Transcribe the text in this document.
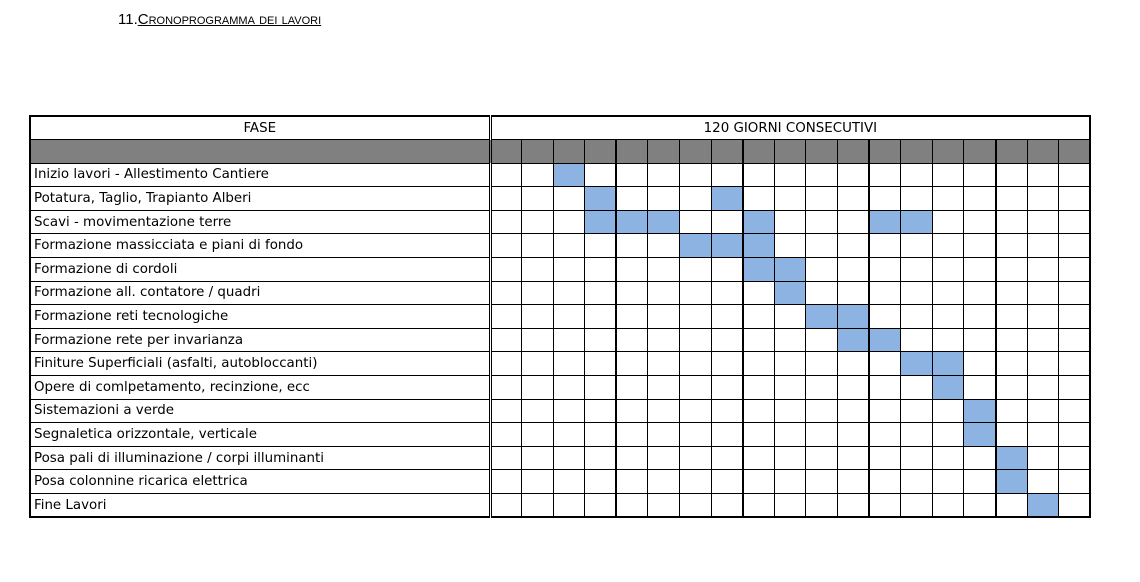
11.Cronoprogramma dei lavori
FASE	120 GIORNI CONSECUTIVI																		

Inizio lavori - Allestimento Cantiere																			
Potatura, Taglio, Trapianto Alberi																			
Scavi - movimentazione terre																			
Formazione massicciata e piani di fondo																			
Formazione di cordoli																			
Formazione all. contatore / quadri																			
Formazione reti tecnologiche																			
Formazione rete per invarianza																			
Finiture Superficiali (asfalti, autobloccanti)																			
Opere di comlpetamento, recinzione, ecc																			
Sistemazioni a verde																			
Segnaletica orizzontale, verticale																			
Posa pali di illuminazione / corpi illuminanti																			
Posa colonnine ricarica elettrica																			
Fine Lavori																			
